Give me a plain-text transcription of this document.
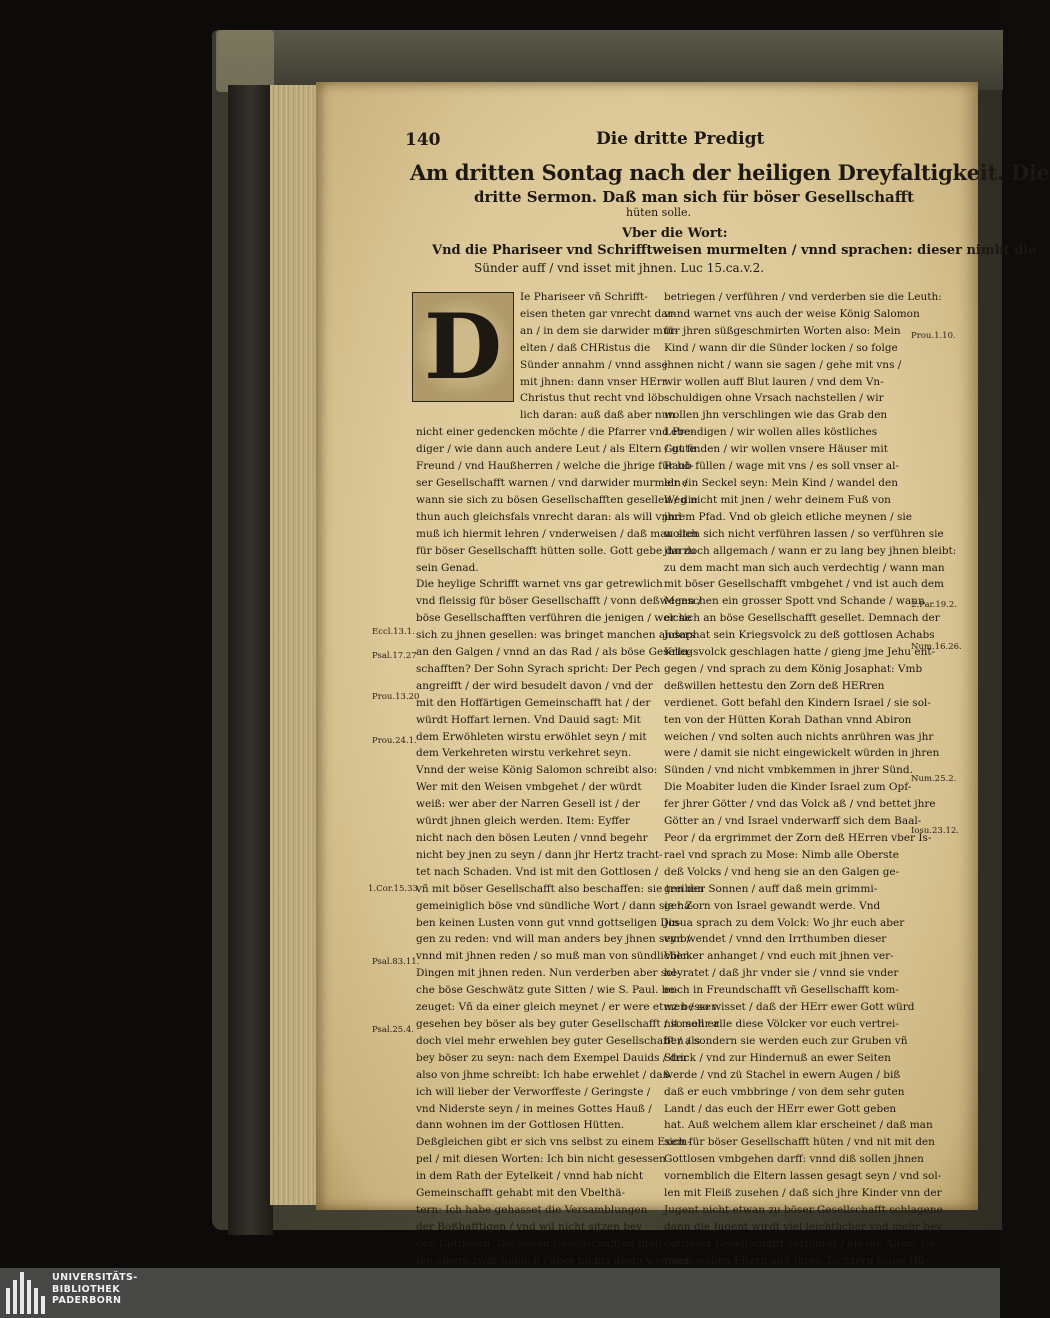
140	Die dritte Predigt
Am dritten Sontag nach der heiligen Dreyfaltigkeit. Die
dritte Sermon. Daß man sich für böser Gesellschafft
hüten solle.
Vber die Wort:
Vnd die Phariseer vnd Schrifftweisen murmelten / vnnd sprachen: dieser nimbt die
Sünder auff / vnd isset mit jhnen. Luc 15.ca.v.2.
D	Ie Phariseer vñ Schrifft-
eisen theten gar vnrecht dar-
an / in dem sie darwider mur-
elten / daß CHRistus die
Sünder annahm / vnnd asse
mit jhnen: dann vnser HErr
Christus thut recht vnd löb-
lich daran: auß daß aber nun
nicht einer gedencken möchte / die Pfarrer vnd Pre-
diger / wie dann auch andere Leut / als Eltern / gute
Freund / vnd Haußherren / welche die jhrige für bö-
ser Gesellschafft warnen / vnd darwider murmeln /
wann sie sich zu bösen Gesellschafften gesellen / die
thun auch gleichsfals vnrecht daran: als will vnnd
muß ich hiermit lehren / vnderweisen / daß man sich
für böser Gesellschafft hütten solle. Gott gebe darzu
sein Genad.
Die heylige Schrifft warnet vns gar getrewlich
vnd fleissig für böser Gesellschafft / vonn deßwegen /
böse Gesellschafften verführen die jenigen / welche
sich zu jhnen gesellen: was bringet manchen anders
an den Galgen / vnnd an das Rad / als böse Gesellu-
schafften? Der Sohn Syrach spricht: Der Pech
angreifft / der wird besudelt davon / vnd der
mit den Hoffärtigen Gemeinschafft hat / der
würdt Hoffart lernen. Vnd Dauid sagt: Mit
dem Erwöhleten wirstu erwöhlet seyn / mit
dem Verkehreten wirstu verkehret seyn.
Vnnd der weise König Salomon schreibt also:
Wer mit den Weisen vmbgehet / der würdt
weiß: wer aber der Narren Gesell ist / der
würdt jhnen gleich werden. Item: Eyffer
nicht nach den bösen Leuten / vnnd begehr
nicht bey jnen zu seyn / dann jhr Hertz tracht-
tet nach Schaden. Vnd ist mit den Gottlosen /
vñ mit böser Gesellschafft also beschaffen: sie treiben
gemeiniglich böse vnd sündliche Wort / dann sie ha-
ben keinen Lusten vonn gut vnnd gottseligen Din-
gen zu reden: vnd will man anders bey jhnen seyn /
vnnd mit jhnen reden / so muß man von sündlichen
Dingen mit jhnen reden. Nun verderben aber sol-
che böse Geschwätz gute Sitten / wie S. Paul. be-
zeuget: Vñ da einer gleich meynet / er were etwz besser
gesehen bey böser als bey guter Gesellschafft / so soll er
doch viel mehr erwehlen bey guter Gesellschafft / als
bey böser zu seyn: nach dem Exempel Dauids / der
also von jhme schreibt: Ich habe erwehlet / daß
ich will lieber der Verworffeste / Geringste /
vnd Niderste seyn / in meines Gottes Hauß /
dann wohnen im der Gottlosen Hütten.
Deßgleichen gibt er sich vns selbst zu einem Exem-
pel / mit diesen Worten: Ich bin nicht gesessen
in dem Rath der Eytelkeit / vnnd hab nicht
Gemeinschafft gehabt mit den Vbelthä-
tern: Ich habe gehasset die Versamblungen
der Boßhafftigen / vnd wil nicht sitzen bey
den Gottlosen. Die bösen Gesellschafften pfeif-
fen einem zwar lieblich / aber nichts desto weniger
betriegen / verführen / vnd verderben sie die Leuth:
vnnd warnet vns auch der weise König Salomon
für jhren süßgeschmirten Worten also: Mein
Kind / wann dir die Sünder locken / so folge
jhnen nicht / wann sie sagen / gehe mit vns /
wir wollen auff Blut lauren / vnd dem Vn-
schuldigen ohne Vrsach nachstellen / wir
wollen jhn verschlingen wie das Grab den
Lebendigen / wir wollen alles köstliches
Gut finden / wir wollen vnsere Häuser mit
Raub füllen / wage mit vns / es soll vnser al-
ler ein Seckel seyn: Mein Kind / wandel den
Weg nicht mit jnen / wehr deinem Fuß von
jhrem Pfad. Vnd ob gleich etliche meynen / sie
wolten sich nicht verführen lassen / so verführen sie
jhn doch allgemach / wann er zu lang bey jhnen bleibt:
zu dem macht man sich auch verdechtig / wann man
mit böser Gesellschafft vmbgehet / vnd ist auch dem
Menschen ein grosser Spott vnd Schande / wann
er sich an böse Gesellschafft gesellet. Demnach der
Josaphat sein Kriegsvolck zu deß gottlosen Achabs
Kriegsvolck geschlagen hatte / gieng jme Jehu ent-
gegen / vnd sprach zu dem König Josaphat: Vmb
deßwillen hettestu den Zorn deß HERren
verdienet. Gott befahl den Kindern Israel / sie sol-
ten von der Hütten Korah Dathan vnnd Abiron
weichen / vnd solten auch nichts anrühren was jhr
were / damit sie nicht eingewickelt würden in jhren
Sünden / vnd nicht vmbkemmen in jhrer Sünd.
Die Moabiter luden die Kinder Israel zum Opf-
fer jhrer Götter / vnd das Volck aß / vnd bettet jhre
Götter an / vnd Israel vnderwarff sich dem Baal-
Peor / da ergrimmet der Zorn deß HErren vber Is-
rael vnd sprach zu Mose: Nimb alle Oberste
deß Volcks / vnd heng sie an den Galgen ge-
gen der Sonnen / auff daß mein grimmi-
ger Zorn von Israel gewandt werde. Vnd
Josua sprach zu dem Volck: Wo jhr euch aber
vmbwendet / vnnd den Irrthumben dieser
Völcker anhanget / vnd euch mit jhnen ver-
heyratet / daß jhr vnder sie / vnnd sie vnder
euch in Freundschafft vñ Gesellschafft kom-
men / so wisset / daß der HErr ewer Gott würd
nit mehr alle diese Völcker vor euch vertrei-
ben / sondern sie werden euch zur Gruben vñ
Strick / vnd zur Hindernuß an ewer Seiten
werde / vnd zü Stachel in ewern Augen / biß
daß er euch vmbbringe / von dem sehr guten
Landt / das euch der HErr ewer Gott geben
hat. Auß welchem allem klar erscheinet / daß man
sich für böser Gesellschafft hüten / vnd nit mit den
Gottlosen vmbgehen darff: vnnd diß sollen jhnen
vornemblich die Eltern lassen gesagt seyn / vnd sol-
len mit Fleiß zusehen / daß sich jhre Kinder vnn der
Jugent nicht etwan zu böser Gesellschafft schlagene
dann die Jugent wirdt viel leichtlicher vnd mehr bey
gottloser Gesellschafft verführet / als die Alten. Da-
rumb wollen Eltern auß jhren Töchtern keine Hü-
Eccl.13.1.
Psal.17.27
Prou.13.20
Prou.24.1.
1.Cor.15.33
Psal.83.11.
Psal.25.4.
Prou.1.10.
2.Par.19.2.
Num.16.26.
Num.25.2.
Iosu.23.12.
UNIVERSITÄTS-
BIBLIOTHEK
PADERBORN
